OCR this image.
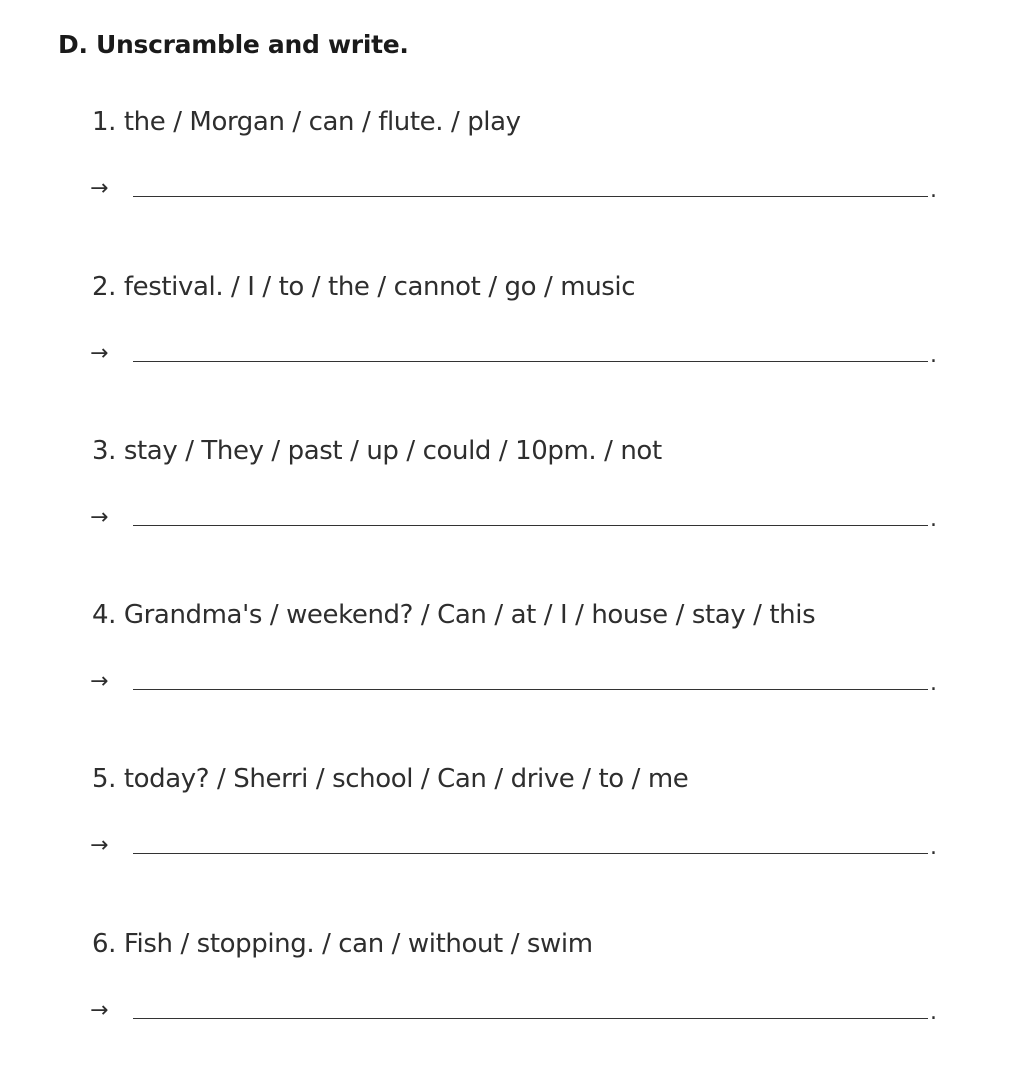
D. Unscramble and write.
1. the / Morgan / can / flute. / play
→	.
2. festival. / I / to / the / cannot / go / music
→	.
3. stay / They / past / up / could / 10pm. / not
→	.
4. Grandma's / weekend? / Can / at / I / house / stay / this
→	.
5. today? / Sherri / school / Can / drive / to / me
→	.
6. Fish / stopping. / can / without / swim
→	.
